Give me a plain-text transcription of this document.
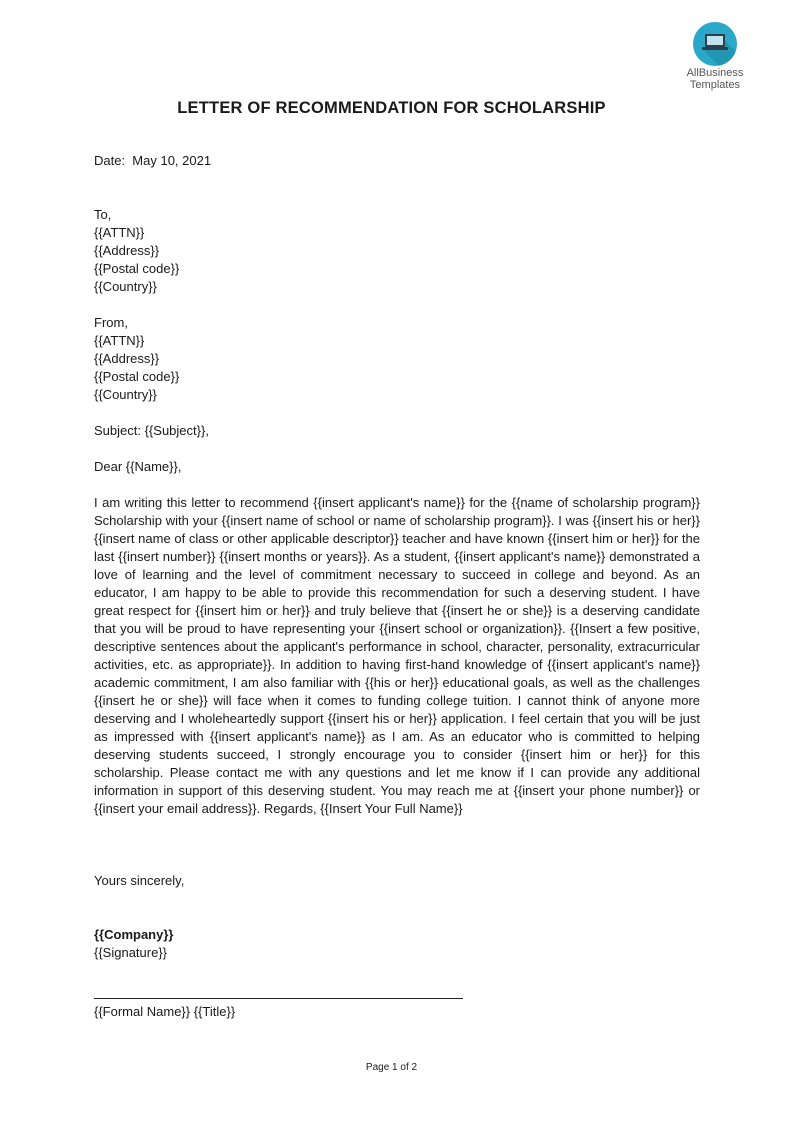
AllBusiness
Templates
LETTER OF RECOMMENDATION FOR SCHOLARSHIP
Date:  May 10, 2021
To,
{{ATTN}}
{{Address}}
{{Postal code}}
{{Country}}
From,
{{ATTN}}
{{Address}}
{{Postal code}}
{{Country}}
Subject: {{Subject}},
Dear {{Name}},
I am writing this letter to recommend {{insert applicant's name}} for the {{name of scholarship program}} Scholarship with your {{insert name of school or name of scholarship program}}. I was {{insert his or her}} {{insert name of class or other applicable descriptor}} teacher and have known {{insert him or her}} for the last {{insert number}} {{insert months or years}}. As a student, {{insert applicant's name}} demonstrated a love of learning and the level of commitment necessary to succeed in college and beyond. As an educator, I am happy to be able to provide this recommendation for such a deserving student. I have great respect for {{insert him or her}} and truly believe that {{insert he or she}} is a deserving candidate that you will be proud to have representing your {{insert school or organization}}. {{Insert a few positive, descriptive sentences about the applicant's performance in school, character, personality, extracurricular activities, etc. as appropriate}}. In addition to having first-hand knowledge of {{insert applicant's name}} academic commitment, I am also familiar with {{his or her}} educational goals, as well as the challenges {{insert he or she}} will face when it comes to funding college tuition. I cannot think of anyone more deserving and I wholeheartedly support {{insert his or her}} application. I feel certain that you will be just as impressed with {{insert applicant's name}} as I am. As an educator who is committed to helping deserving students succeed, I strongly encourage you to consider {{insert him or her}} for this scholarship. Please contact me with any questions and let me know if I can provide any additional information in support of this deserving student. You may reach me at {{insert your phone number}} or {{insert your email address}}. Regards, {{Insert Your Full Name}}
Yours sincerely,
{{Company}}
{{Signature}}
{{Formal Name}} {{Title}}
Page 1 of 2
